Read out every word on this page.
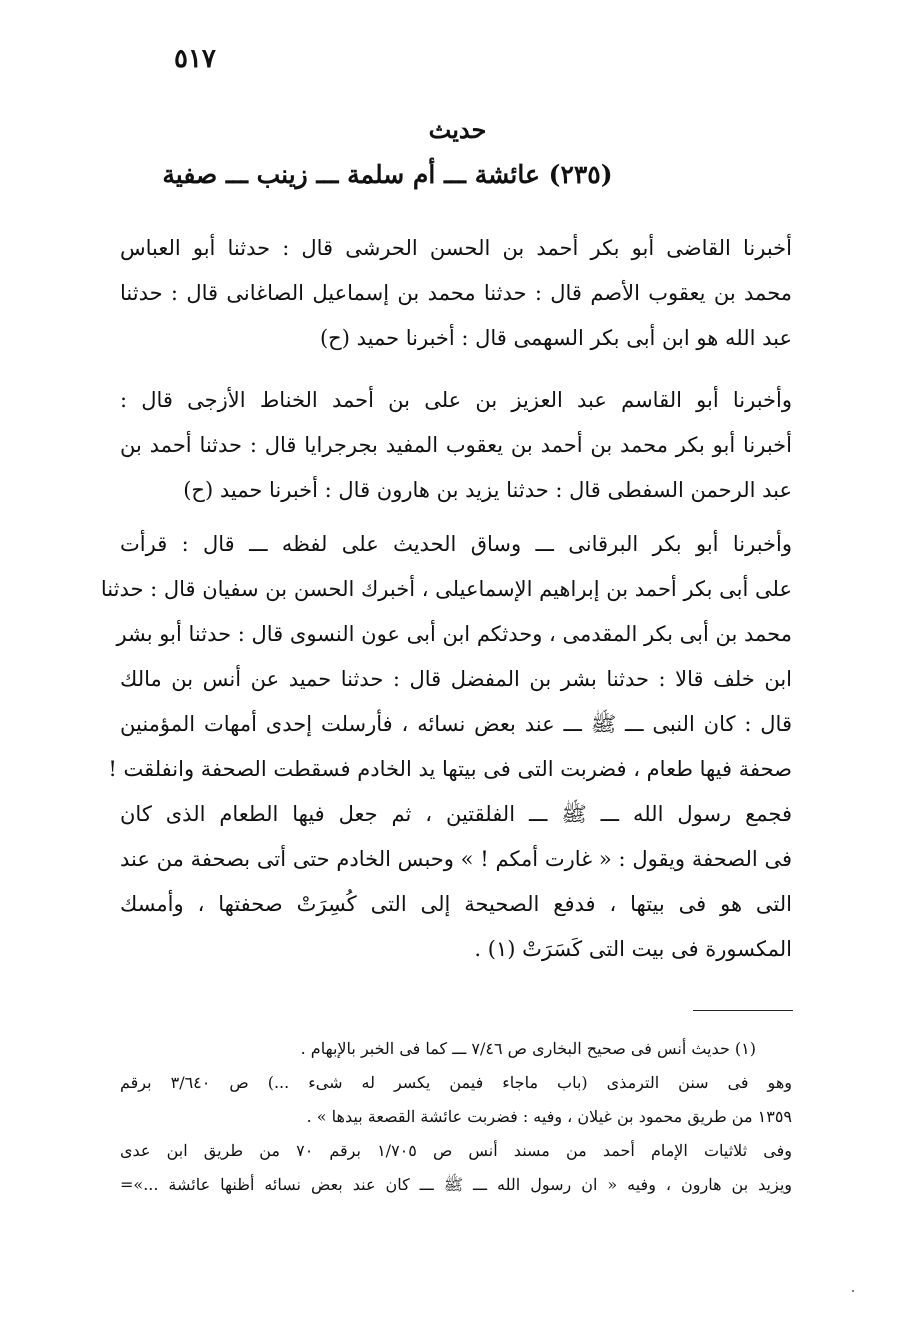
٥١٧
حديث
(٢٣٥) عائشة ـــ أم سلمة ـــ زينب ـــ صفية
أخبرنا القاضى أبو بكر أحمد بن الحسن الحرشى قال : حدثنا أبو العباس
محمد بن يعقوب الأصم قال : حدثنا محمد بن إسماعيل الصاغانى قال : حدثنا
عبد الله هو ابن أبى بكر السهمى قال : أخبرنا حميد (ح)
وأخبرنا أبو القاسم عبد العزيز بن على بن أحمد الخناط الأزجى قال :
أخبرنا أبو بكر محمد بن أحمد بن يعقوب المفيد بجرجرايا قال : حدثنا أحمد بن
عبد الرحمن السفطى قال : حدثنا يزيد بن هارون قال : أخبرنا حميد (ح)
وأخبرنا أبو بكر البرقانى ـــ وساق الحديث على لفظه ـــ قال : قرأت
على أبى بكر أحمد بن إبراهيم الإسماعيلى ، أخبرك الحسن بن سفيان قال : حدثنا
محمد بن أبى بكر المقدمى ، وحدثكم ابن أبى عون النسوى قال : حدثنا أبو بشر
ابن خلف قالا : حدثنا بشر بن المفضل قال : حدثنا حميد عن أنس بن مالك
قال : كان النبى ـــ ﷺ ـــ عند بعض نسائه ، فأرسلت إحدى أمهات المؤمنين
صحفة فيها طعام ، فضربت التى فى بيتها يد الخادم فسقطت الصحفة وانفلقت !
فجمع رسول الله ـــ ﷺ ـــ الفلقتين ، ثم جعل فيها الطعام الذى كان
فى الصحفة ويقول : « غارت أمكم ! » وحبس الخادم حتى أتى بصحفة من عند
التى هو فى بيتها ، فدفع الصحيحة إلى التى كُسِرَتْ صحفتها ، وأمسك
المكسورة فى بيت التى كَسَرَتْ (١) .
(١) حديث أنس فى صحيح البخارى ص ٧/٤٦ ـــ كما فى الخبر بالإبهام .
وهو فى سنن الترمذى (باب ماجاء فيمن يكسر له شىء ...) ص ٣/٦٤٠ برقم
١٣٥٩ من طريق محمود بن غيلان ، وفيه : فضربت عائشة القصعة بيدها » .
وفى ثلاثيات الإمام أحمد من مسند أنس ص ١/٧٠٥ برقم ٧٠ من طريق ابن عدى
ويزيد بن هارون ، وفيه « ان رسول الله ـــ ﷺ ـــ كان عند بعض نسائه أظنها عائشة ...»=
